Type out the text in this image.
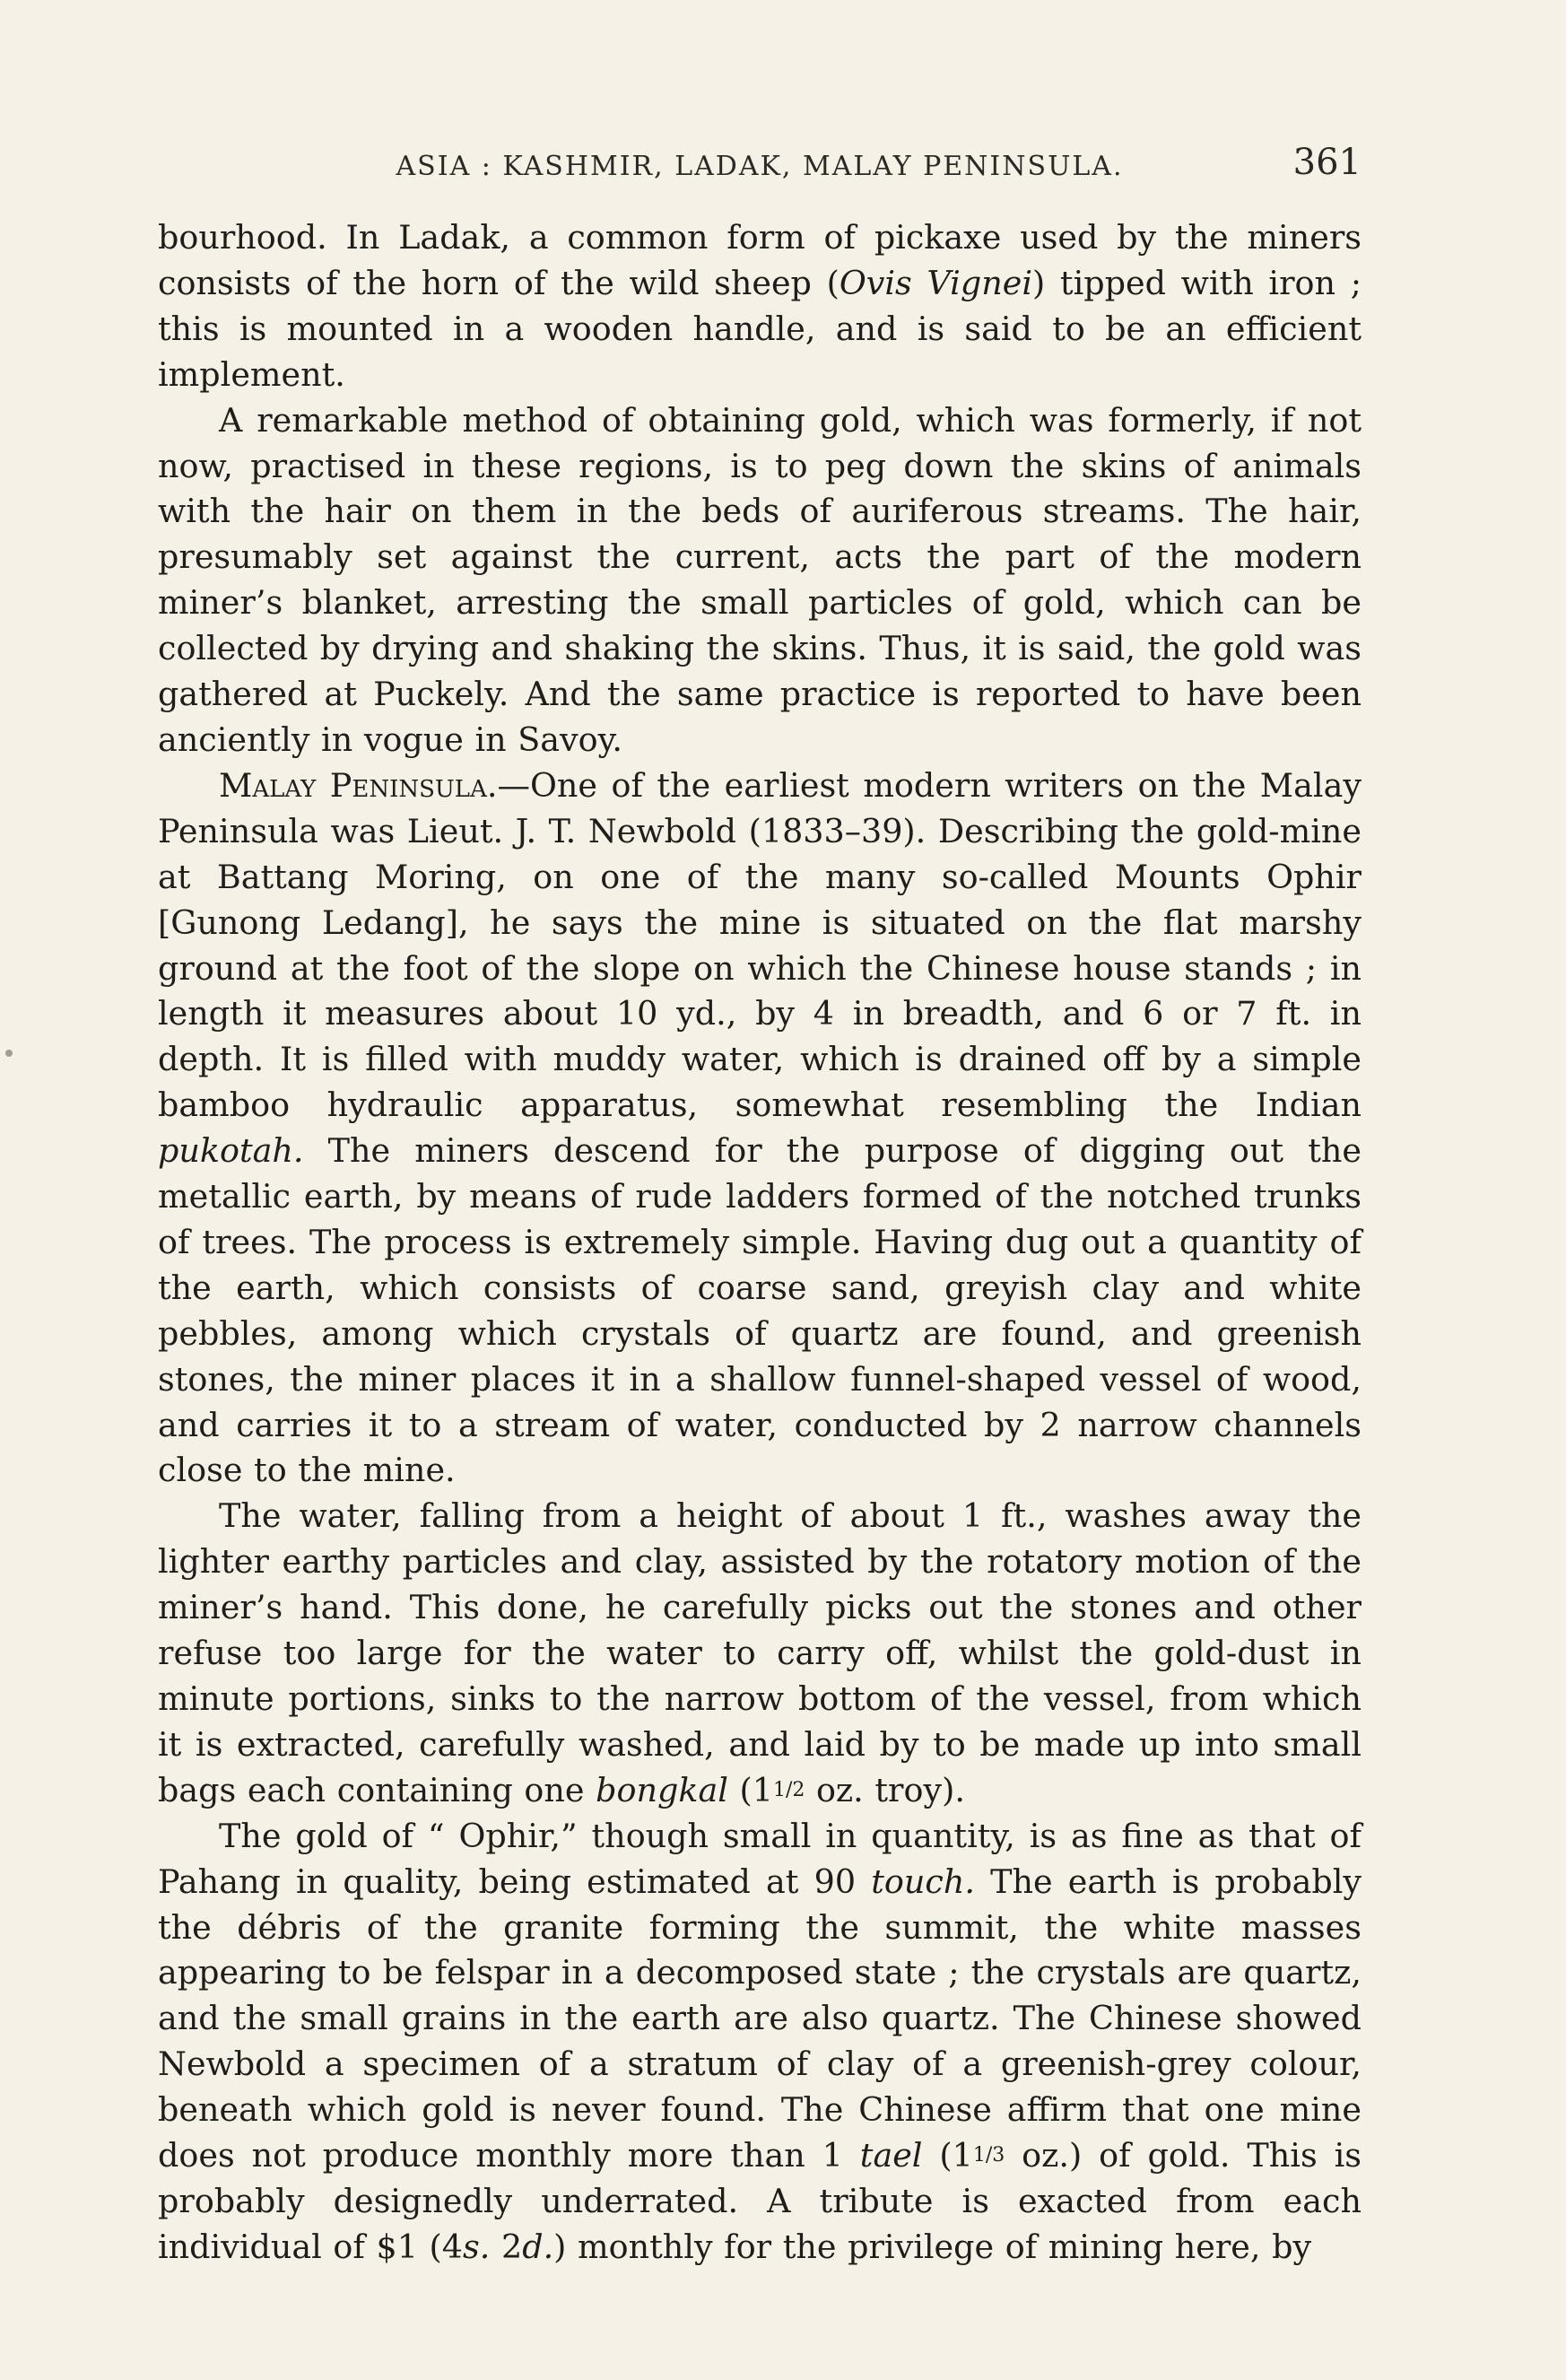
ASIA : KASHMIR, LADAK, MALAY PENINSULA.	361

bourhood. In Ladak, a common form of pickaxe used by the miners consists of the horn of the wild sheep (Ovis Vignei) tipped with iron ; this is mounted in a wooden handle, and is said to be an efficient implement.

A remarkable method of obtaining gold, which was formerly, if not now, practised in these regions, is to peg down the skins of animals with the hair on them in the beds of auriferous streams. The hair, presumably set against the current, acts the part of the modern miner’s blanket, arresting the small particles of gold, which can be collected by drying and shaking the skins. Thus, it is said, the gold was gathered at Puckely. And the same practice is reported to have been anciently in vogue in Savoy.

Malay Peninsula.—One of the earliest modern writers on the Malay Peninsula was Lieut. J. T. Newbold (1833–39). Describing the gold-mine at Battang Moring, on one of the many so-called Mounts Ophir [Gunong Ledang], he says the mine is situated on the flat marshy ground at the foot of the slope on which the Chinese house stands ; in length it measures about 10 yd., by 4 in breadth, and 6 or 7 ft. in depth. It is filled with muddy water, which is drained off by a simple bamboo hydraulic apparatus, somewhat resembling the Indian pukotah. The miners descend for the purpose of digging out the metallic earth, by means of rude ladders formed of the notched trunks of trees. The process is extremely simple. Having dug out a quantity of the earth, which consists of coarse sand, greyish clay and white pebbles, among which crystals of quartz are found, and greenish stones, the miner places it in a shallow funnel-shaped vessel of wood, and carries it to a stream of water, conducted by 2 narrow channels close to the mine.

The water, falling from a height of about 1 ft., washes away the lighter earthy particles and clay, assisted by the rotatory motion of the miner’s hand. This done, he carefully picks out the stones and other refuse too large for the water to carry off, whilst the gold-dust in minute portions, sinks to the narrow bottom of the vessel, from which it is extracted, carefully washed, and laid by to be made up into small bags each containing one bongkal (11/2 oz. troy).

The gold of “ Ophir,” though small in quantity, is as fine as that of Pahang in quality, being estimated at 90 touch. The earth is probably the débris of the granite forming the summit, the white masses appearing to be felspar in a decomposed state ; the crystals are quartz, and the small grains in the earth are also quartz. The Chinese showed Newbold a specimen of a stratum of clay of a greenish-grey colour, beneath which gold is never found. The Chinese affirm that one mine does not produce monthly more than 1 tael (11/3 oz.) of gold. This is probably designedly underrated. A tribute is exacted from each individual of $1 (4s. 2d.) monthly for the privilege of mining here, by
